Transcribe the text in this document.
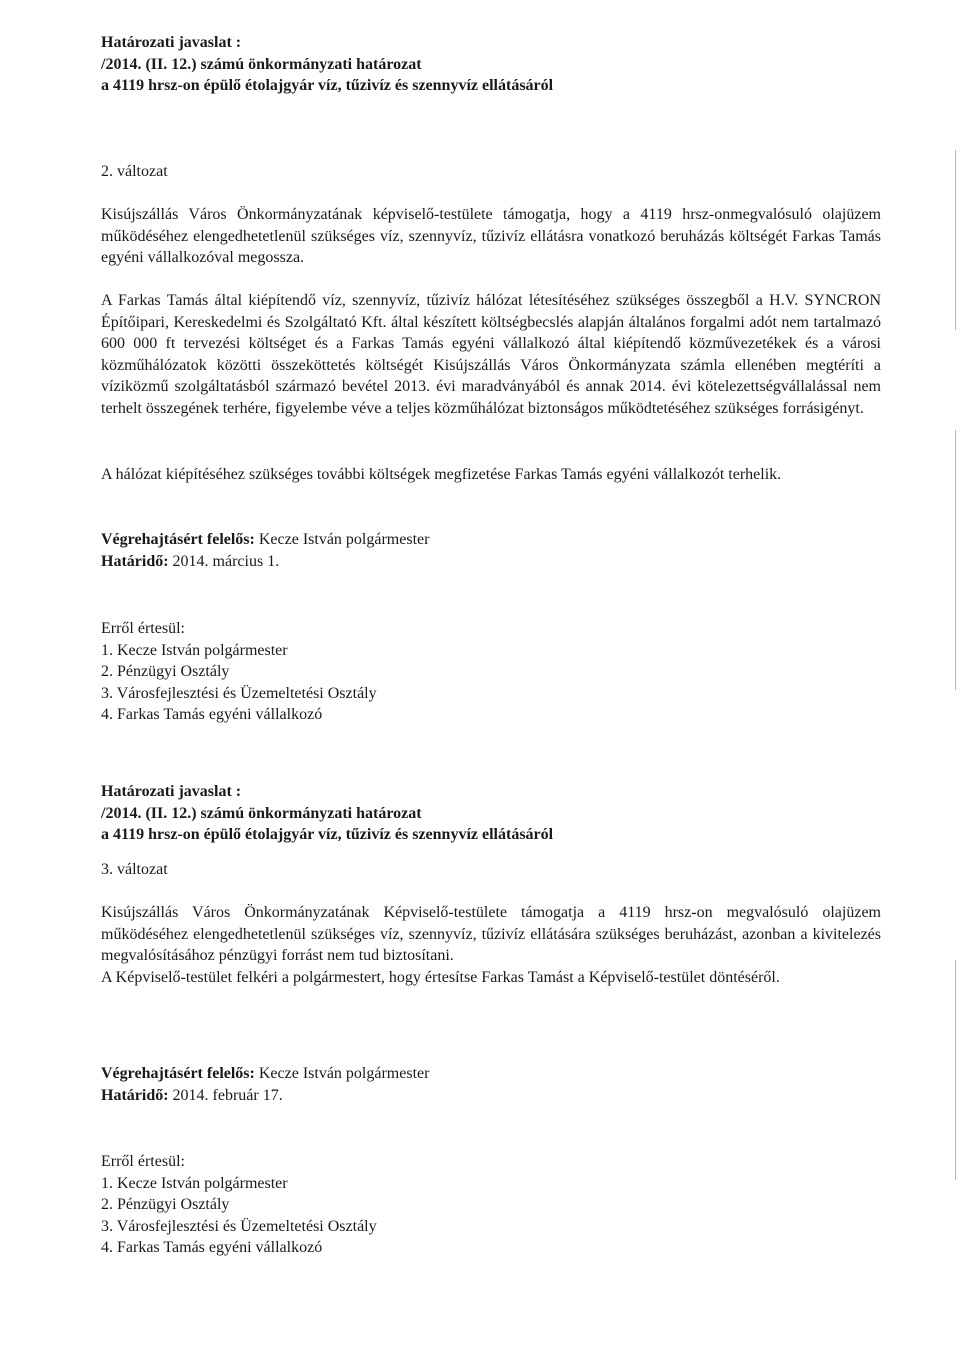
Határozati javaslat :
/2014. (II. 12.) számú önkormányzati határozat
a 4119 hrsz-on épülő étolajgyár víz, tűzivíz és szennyvíz ellátásáról
2. változat
Kisújszállás Város Önkormányzatának képviselő-testülete támogatja, hogy a 4119 hrsz-onmegvalósuló olajüzem működéséhez elengedhetetlenül szükséges víz, szennyvíz, tűzivíz ellátásra vonatkozó beruházás költségét Farkas Tamás egyéni vállalkozóval megossza.
A Farkas Tamás által kiépítendő víz, szennyvíz, tűzivíz hálózat létesítéséhez szükséges összegből a H.V. SYNCRON Építőipari, Kereskedelmi és Szolgáltató Kft. által készített költségbecslés alapján általános forgalmi adót nem tartalmazó 600 000 ft tervezési költséget és a Farkas Tamás egyéni vállalkozó által kiépítendő közművezetékek és a városi közműhálózatok közötti összeköttetés költségét Kisújszállás Város Önkormányzata számla ellenében megtéríti a víziközmű szolgáltatásból származó bevétel 2013. évi maradványából és annak 2014. évi kötelezettségvállalással nem terhelt összegének terhére, figyelembe véve a teljes közműhálózat biztonságos működtetéséhez szükséges forrásigényt.
A hálózat kiépítéséhez szükséges további költségek megfizetése Farkas Tamás egyéni vállalkozót terhelik.
Végrehajtásért felelős: Kecze István polgármester
Határidő: 2014. március 1.
Erről értesül:
1. Kecze István polgármester
2. Pénzügyi Osztály
3. Városfejlesztési és Üzemeltetési Osztály
4. Farkas Tamás egyéni vállalkozó
Határozati javaslat :
/2014. (II. 12.) számú önkormányzati határozat
a 4119 hrsz-on épülő étolajgyár víz, tűzivíz és szennyvíz ellátásáról
3. változat
Kisújszállás Város Önkormányzatának Képviselő-testülete támogatja a 4119 hrsz-on megvalósuló olajüzem működéséhez elengedhetetlenül szükséges víz, szennyvíz, tűzivíz ellátására szükséges beruházást, azonban a kivitelezés megvalósításához pénzügyi forrást nem tud biztosítani.
A Képviselő-testület felkéri a polgármestert, hogy értesítse Farkas Tamást a Képviselő-testület döntéséről.
Végrehajtásért felelős: Kecze István polgármester
Határidő: 2014. február 17.
Erről értesül:
1. Kecze István polgármester
2. Pénzügyi Osztály
3. Városfejlesztési és Üzemeltetési Osztály
4. Farkas Tamás egyéni vállalkozó
